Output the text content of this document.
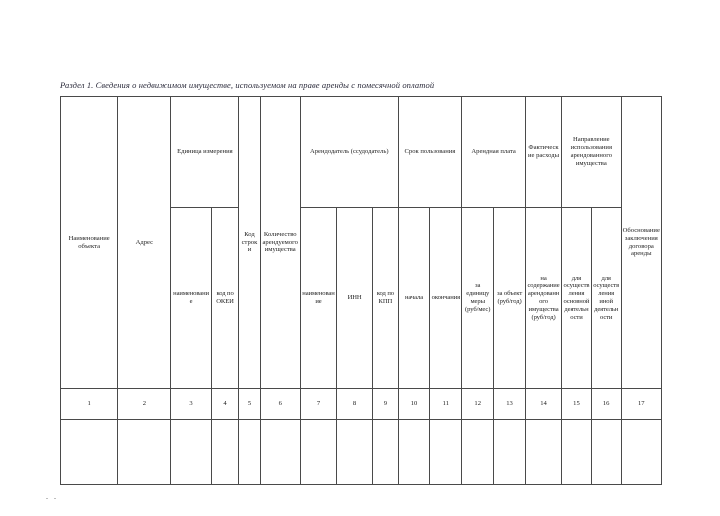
Раздел 1. Сведения о недвижимом имуществе, используемом на праве аренды с помесячной оплатой
Наименование объекта	Адрес	Единица измерения		Код строки	Количество арендуемого имущества	Арендодатель (ссудодатель)			Срок пользования		Арендная плата		Фактические расходы	Направление использования арендованного имущества		Обоснование заключения договора аренды
		наименование	код по ОКЕИ			наименование	ИНН	код по КПП	начала	окончания	за единицу меры (руб/мес)	за объект (руб/год)	на содержание арендованного имущества (руб/год)	для осуществления основной деятельности	для осуществления иной деятельности	
1	2	3	4	5	6	7	8	9	10	11	12	13	14	15	16	17

. .
